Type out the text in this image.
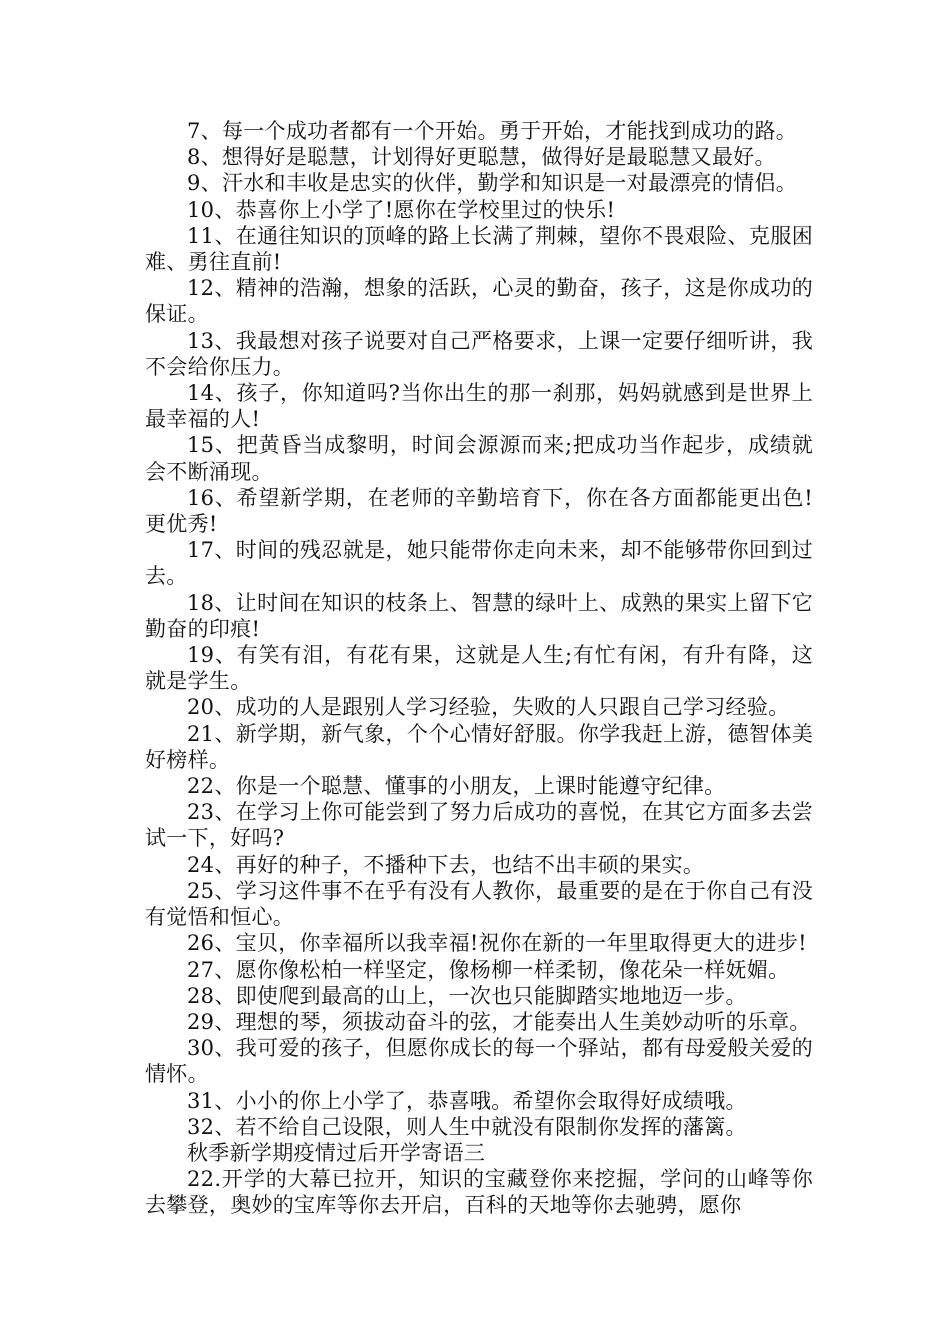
7、每一个成功者都有一个开始。勇于开始，才能找到成功的路。

8、想得好是聪慧，计划得好更聪慧，做得好是最聪慧又最好。

9、汗水和丰收是忠实的伙伴，勤学和知识是一对最漂亮的情侣。

10、恭喜你上小学了!愿你在学校里过的快乐!

11、在通往知识的顶峰的路上长满了荆棘，望你不畏艰险、克服困难、勇往直前!

12、精神的浩瀚，想象的活跃，心灵的勤奋，孩子，这是你成功的保证。

13、我最想对孩子说要对自己严格要求，上课一定要仔细听讲，我不会给你压力。

14、孩子，你知道吗?当你出生的那一刹那，妈妈就感到是世界上最幸福的人!

15、把黄昏当成黎明，时间会源源而来;把成功当作起步，成绩就会不断涌现。

16、希望新学期，在老师的辛勤培育下，你在各方面都能更出色!更优秀!

17、时间的残忍就是，她只能带你走向未来，却不能够带你回到过去。

18、让时间在知识的枝条上、智慧的绿叶上、成熟的果实上留下它勤奋的印痕!

19、有笑有泪，有花有果，这就是人生;有忙有闲，有升有降，这就是学生。

20、成功的人是跟别人学习经验，失败的人只跟自己学习经验。

21、新学期，新气象，个个心情好舒服。你学我赶上游，德智体美好榜样。

22、你是一个聪慧、懂事的小朋友，上课时能遵守纪律。

23、在学习上你可能尝到了努力后成功的喜悦，在其它方面多去尝试一下，好吗?

24、再好的种子，不播种下去，也结不出丰硕的果实。

25、学习这件事不在乎有没有人教你，最重要的是在于你自己有没有觉悟和恒心。

26、宝贝，你幸福所以我幸福!祝你在新的一年里取得更大的进步!

27、愿你像松柏一样坚定，像杨柳一样柔韧，像花朵一样妩媚。

28、即使爬到最高的山上，一次也只能脚踏实地地迈一步。

29、理想的琴，须拔动奋斗的弦，才能奏出人生美妙动听的乐章。

30、我可爱的孩子，但愿你成长的每一个驿站，都有母爱般关爱的情怀。

31、小小的你上小学了，恭喜哦。希望你会取得好成绩哦。

32、若不给自己设限，则人生中就没有限制你发挥的藩篱。

秋季新学期疫情过后开学寄语三

22.开学的大幕已拉开，知识的宝藏登你来挖掘，学问的山峰等你去攀登，奥妙的宝库等你去开启，百科的天地等你去驰骋，愿你
